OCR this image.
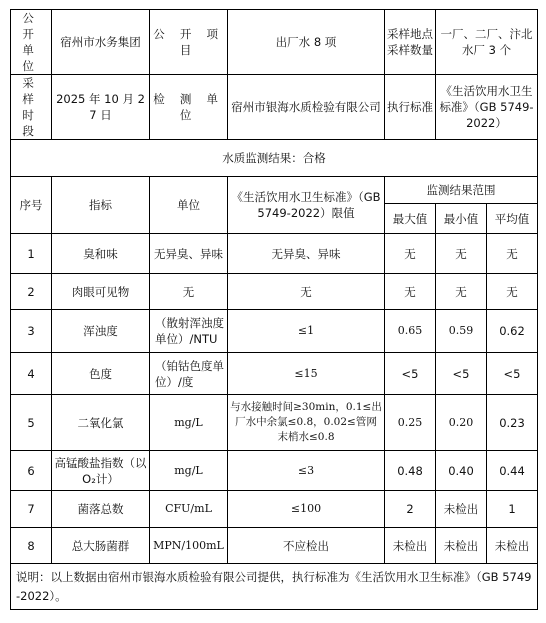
公 开 单 位	宿州市水务集团	公 开 项 目	出厂水 8 项	采样地点采样数量	一厂、二厂、汴北水厂 3 个	
采 样 时 段	2025 年 10 月 27 日	检 测 单 位	宿州市银海水质检验有限公司	执行标准	《生活饮用水卫生标准》（GB 5749-2022）	
水质监测结果：合格						
序号	指标	单位	《生活饮用水卫生标准》（GB 5749-2022）限值	监测结果范围		
				最大值	最小值	平均值
1	臭和味	无异臭、异味	无异臭、异味	无	无	无
2	肉眼可见物	无	无	无	无	无
3	浑浊度	（散射浑浊度单位）/NTU	≤1	0.65	0.59	0.62
4	色度	（铂钴色度单位）/度	≤15	<5	<5	<5
5	二氧化氯	mg/L	与水接触时间≥30min，0.1≤出厂水中余氯≤0.8，0.02≤管网末梢水≤0.8	0.25	0.20	0.23
6	高锰酸盐指数（以O₂计）	mg/L	≤3	0.48	0.40	0.44
7	菌落总数	CFU/mL	≤100	2	未检出	1
8	总大肠菌群	MPN/100mL	不应检出	未检出	未检出	未检出
说明：以上数据由宿州市银海水质检验有限公司提供，执行标准为《生活饮用水卫生标准》（GB 5749-2022）。						
